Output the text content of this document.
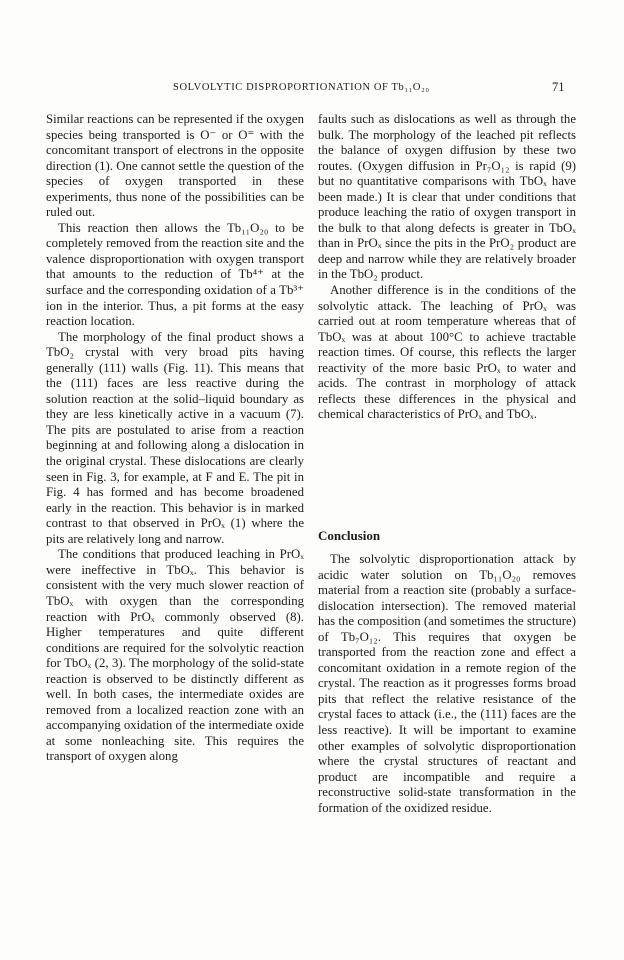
SOLVOLYTIC DISPROPORTIONATION OF Tb₁₁O₂₀	71

Similar reactions can be represented if the oxygen species being transported is O⁻ or O⁼ with the concomitant transport of electrons in the opposite direction (1). One cannot settle the question of the species of oxygen transported in these experiments, thus none of the possibilities can be ruled out.

This reaction then allows the Tb₁₁O₂₀ to be completely removed from the reaction site and the valence disproportionation with oxygen transport that amounts to the reduction of Tb⁴⁺ at the surface and the corresponding oxidation of a Tb³⁺ ion in the interior. Thus, a pit forms at the easy reaction location.

The morphology of the final product shows a TbO₂ crystal with very broad pits having generally (111) walls (Fig. 11). This means that the (111) faces are less reactive during the solution reaction at the solid–liquid boundary as they are less kinetically active in a vacuum (7). The pits are postulated to arise from a reaction beginning at and following along a dislocation in the original crystal. These dislocations are clearly seen in Fig. 3, for example, at F and E. The pit in Fig. 4 has formed and has become broadened early in the reaction. This behavior is in marked contrast to that observed in PrOₓ (1) where the pits are relatively long and narrow.

The conditions that produced leaching in PrOₓ were ineffective in TbOₓ. This behavior is consistent with the very much slower reaction of TbOₓ with oxygen than the corresponding reaction with PrOₓ commonly observed (8). Higher temperatures and quite different conditions are required for the solvolytic reaction for TbOₓ (2, 3). The morphology of the solid-state reaction is observed to be distinctly different as well. In both cases, the intermediate oxides are removed from a localized reaction zone with an accompanying oxidation of the intermediate oxide at some nonleaching site. This requires the transport of oxygen along

faults such as dislocations as well as through the bulk. The morphology of the leached pit reflects the balance of oxygen diffusion by these two routes. (Oxygen diffusion in Pr₇O₁₂ is rapid (9) but no quantitative comparisons with TbOₓ have been made.) It is clear that under conditions that produce leaching the ratio of oxygen transport in the bulk to that along defects is greater in TbOₓ than in PrOₓ since the pits in the PrO₂ product are deep and narrow while they are relatively broader in the TbO₂ product.

Another difference is in the conditions of the solvolytic attack. The leaching of PrOₓ was carried out at room temperature whereas that of TbOₓ was at about 100°C to achieve tractable reaction times. Of course, this reflects the larger reactivity of the more basic PrOₓ to water and acids. The contrast in morphology of attack reflects these differences in the physical and chemical characteristics of PrOₓ and TbOₓ.

Conclusion

The solvolytic disproportionation attack by acidic water solution on Tb₁₁O₂₀ removes material from a reaction site (probably a surface-dislocation intersection). The removed material has the composition (and sometimes the structure) of Tb₇O₁₂. This requires that oxygen be transported from the reaction zone and effect a concomitant oxidation in a remote region of the crystal. The reaction as it progresses forms broad pits that reflect the relative resistance of the crystal faces to attack (i.e., the (111) faces are the less reactive). It will be important to examine other examples of solvolytic disproportionation where the crystal structures of reactant and product are incompatible and require a reconstructive solid-state transformation in the formation of the oxidized residue.
